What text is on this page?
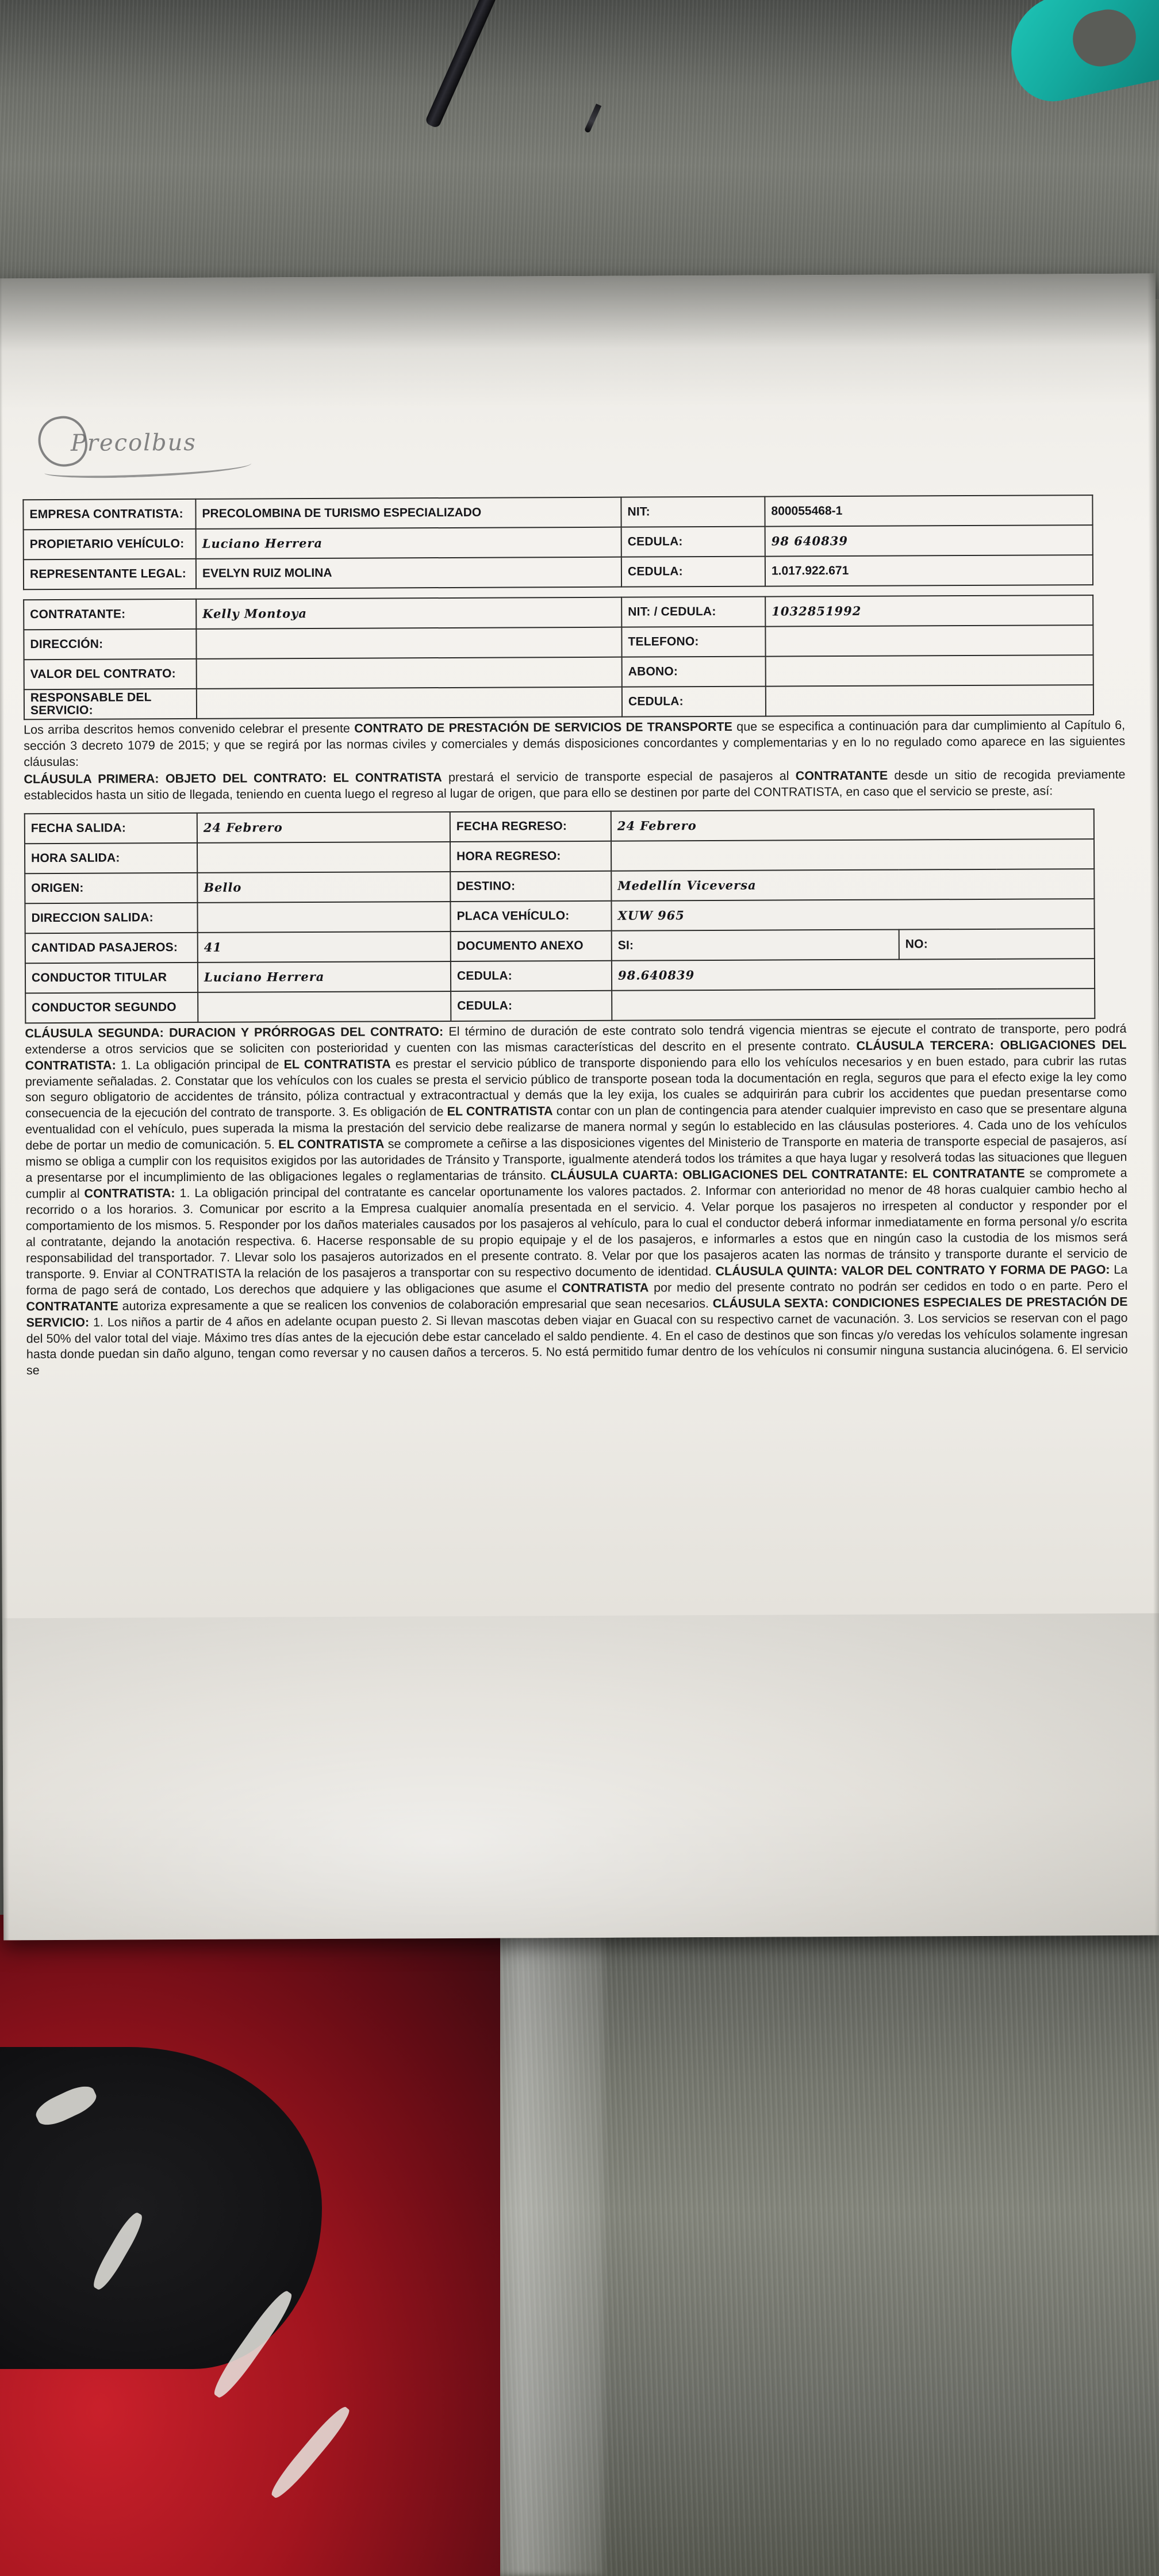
Precolbus
EMPRESA CONTRATISTA:	PRECOLOMBINA DE TURISMO ESPECIALIZADO	NIT:	800055468-1
PROPIETARIO VEHÍCULO:	Luciano Herrera	CEDULA:	98 640839
REPRESENTANTE LEGAL:	EVELYN RUIZ MOLINA	CEDULA:	1.017.922.671
CONTRATANTE:	Kelly Montoya	NIT: / CEDULA:	1032851992
DIRECCIÓN:		TELEFONO:	
VALOR DEL CONTRATO:		ABONO:	
RESPONSABLE DEL SERVICIO:		CEDULA:	
Los arriba descritos hemos convenido celebrar el presente CONTRATO DE PRESTACIÓN DE SERVICIOS DE TRANSPORTE que se especifica a continuación para dar cumplimiento al Capítulo 6, sección 3 decreto 1079 de 2015; y que se regirá por las normas civiles y comerciales y demás disposiciones concordantes y complementarias y en lo no regulado como aparece en las siguientes cláusulas:
CLÁUSULA PRIMERA: OBJETO DEL CONTRATO: EL CONTRATISTA prestará el servicio de transporte especial de pasajeros al CONTRATANTE desde un sitio de recogida previamente establecidos hasta un sitio de llegada, teniendo en cuenta luego el regreso al lugar de origen, que para ello se destinen por parte del CONTRATISTA, en caso que el servicio se preste, así:
FECHA SALIDA:	24 Febrero	FECHA REGRESO:	24 Febrero	
HORA SALIDA:		HORA REGRESO:		
ORIGEN:	Bello	DESTINO:	Medellín Viceversa	
DIRECCION SALIDA:		PLACA VEHÍCULO:	XUW 965	
CANTIDAD PASAJEROS:	41	DOCUMENTO ANEXO	SI:	NO:
CONDUCTOR TITULAR	Luciano Herrera	CEDULA:	98.640839	
CONDUCTOR SEGUNDO		CEDULA:		
CLÁUSULA SEGUNDA: DURACION Y PRÓRROGAS DEL CONTRATO: El término de duración de este contrato solo tendrá vigencia mientras se ejecute el contrato de transporte, pero podrá extenderse a otros servicios que se soliciten con posterioridad y cuenten con las mismas características del descrito en el presente contrato. CLÁUSULA TERCERA: OBLIGACIONES DEL CONTRATISTA: 1. La obligación principal de EL CONTRATISTA es prestar el servicio público de transporte disponiendo para ello los vehículos necesarios y en buen estado, para cubrir las rutas previamente señaladas. 2. Constatar que los vehículos con los cuales se presta el servicio público de transporte posean toda la documentación en regla, seguros que para el efecto exige la ley como son seguro obligatorio de accidentes de tránsito, póliza contractual y extracontractual y demás que la ley exija, los cuales se adquirirán para cubrir los accidentes que puedan presentarse como consecuencia de la ejecución del contrato de transporte. 3. Es obligación de EL CONTRATISTA contar con un plan de contingencia para atender cualquier imprevisto en caso que se presentare alguna eventualidad con el vehículo, pues superada la misma la prestación del servicio debe realizarse de manera normal y según lo establecido en las cláusulas posteriores. 4. Cada uno de los vehículos debe de portar un medio de comunicación. 5. EL CONTRATISTA se compromete a ceñirse a las disposiciones vigentes del Ministerio de Transporte en materia de transporte especial de pasajeros, así mismo se obliga a cumplir con los requisitos exigidos por las autoridades de Tránsito y Transporte, igualmente atenderá todos los trámites a que haya lugar y resolverá todas las situaciones que lleguen a presentarse por el incumplimiento de las obligaciones legales o reglamentarias de tránsito. CLÁUSULA CUARTA: OBLIGACIONES DEL CONTRATANTE: EL CONTRATANTE se compromete a cumplir al CONTRATISTA: 1. La obligación principal del contratante es cancelar oportunamente los valores pactados. 2. Informar con anterioridad no menor de 48 horas cualquier cambio hecho al recorrido o a los horarios. 3. Comunicar por escrito a la Empresa cualquier anomalía presentada en el servicio. 4. Velar porque los pasajeros no irrespeten al conductor y responder por el comportamiento de los mismos. 5. Responder por los daños materiales causados por los pasajeros al vehículo, para lo cual el conductor deberá informar inmediatamente en forma personal y/o escrita al contratante, dejando la anotación respectiva. 6. Hacerse responsable de su propio equipaje y el de los pasajeros, e informarles a estos que en ningún caso la custodia de los mismos será responsabilidad del transportador. 7. Llevar solo los pasajeros autorizados en el presente contrato. 8. Velar por que los pasajeros acaten las normas de tránsito y transporte durante el servicio de transporte. 9. Enviar al CONTRATISTA la relación de los pasajeros a transportar con su respectivo documento de identidad. CLÁUSULA QUINTA: VALOR DEL CONTRATO Y FORMA DE PAGO: La forma de pago será de contado, Los derechos que adquiere y las obligaciones que asume el CONTRATISTA por medio del presente contrato no podrán ser cedidos en todo o en parte. Pero el CONTRATANTE autoriza expresamente a que se realicen los convenios de colaboración empresarial que sean necesarios. CLÁUSULA SEXTA: CONDICIONES ESPECIALES DE PRESTACIÓN DE SERVICIO: 1. Los niños a partir de 4 años en adelante ocupan puesto 2. Si llevan mascotas deben viajar en Guacal con su respectivo carnet de vacunación. 3. Los servicios se reservan con el pago del 50% del valor total del viaje. Máximo tres días antes de la ejecución debe estar cancelado el saldo pendiente. 4. En el caso de destinos que son fincas y/o veredas los vehículos solamente ingresan hasta donde puedan sin daño alguno, tengan como reversar y no causen daños a terceros. 5. No está permitido fumar dentro de los vehículos ni consumir ninguna sustancia alucinógena. 6. El servicio se
